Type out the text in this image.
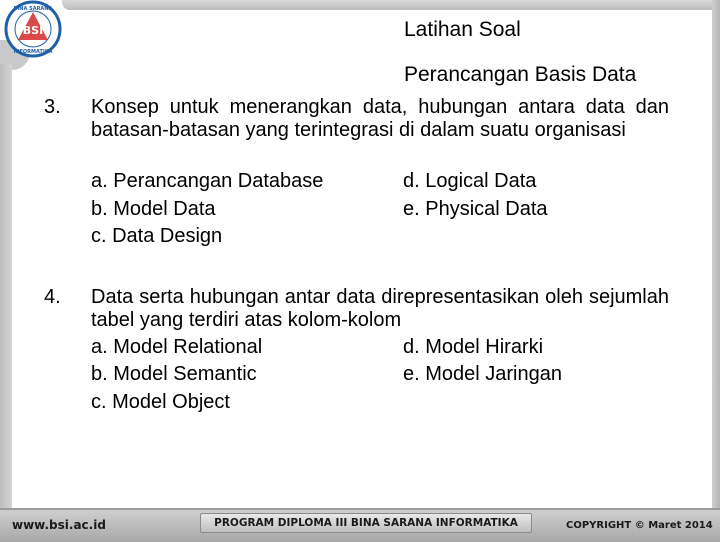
BSI
BINA SARANA
INFORMATIKA
Latihan Soal
Perancangan Basis Data
3. Konsep untuk menerangkan data, hubungan antara data dan batasan-batasan yang terintegrasi di dalam suatu organisasi
a. Perancangan Database
b. Model Data
c. Data Design
d. Logical Data
e. Physical Data
4. Data serta hubungan antar data direpresentasikan oleh sejumlah tabel yang terdiri atas kolom-kolom
a. Model Relational
b. Model Semantic
c. Model Object
d. Model Hirarki
e. Model Jaringan
www.bsi.ac.id	PROGRAM DIPLOMA III BINA SARANA INFORMATIKA	COPYRIGHT © Maret 2014
